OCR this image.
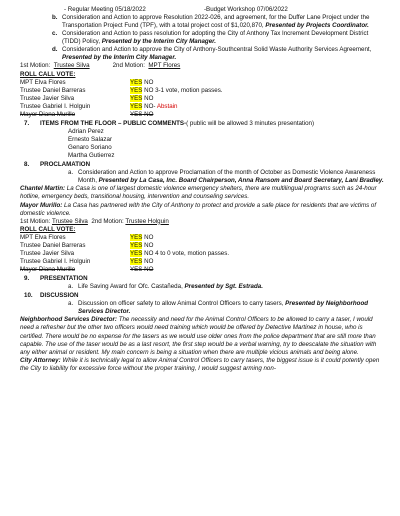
- Regular Meeting 05/18/2022	-Budget Workshop 07/06/2022
b. Consideration and Action to approve Resolution 2022-026, and agreement, for the Duffer Lane Project under the Transportation Project Fund (TPF), with a total project cost of $1,020,870, Presented by Projects Coordinator.
c. Consideration and Action to pass resolution for adopting the City of Anthony Tax Increment Development District (TIDD) Policy, Presented by the Interim City Manager.
d. Consideration and Action to approve the City of Anthony-Southcentral Solid Waste Authority Services Agreement, Presented by the Interim City Manager.
1st Motion:
Trustee Silva
	2nd Motion:
MPT Flores
ROLL CALL VOTE:
MPT Elva Flores	YES NO
Trustee Daniel Barreras	YES NO 3-1 vote, motion passes.
Trustee Javier Silva	YES NO
Trustee Gabriel I. Holguin	YES NO- Abstain
Mayor Diana Murillo	YES NO
7.	ITEMS FROM THE FLOOR – PUBLIC COMMENTS-( public will be allowed 3 minutes presentation)
Adrian Perez
Ernesto Salazar
Genaro Soriano
Martha Gutierrez
8.	PROCLAMATION
a. Consideration and Action to approve Proclamation of the month of October as Domestic Violence Awareness Month, Presented by La Casa, Inc. Board Chairperson, Anna Ransom and Board Secretary, Lani Bradley.
Chantel Martin: La Casa is one of largest domestic violence emergency shelters, there are multilingual programs such as 24-hour hotline, emergency beds, transitional housing, intervention and counseling services.
Mayor Murillo: La Casa has partnered with the City of Anthony to protect and provide a safe place for residents that are victims of domestic violence.
1st Motion:
Trustee Silva
2nd Motion:
Trustee Holguin
ROLL CALL VOTE:
MPT Elva Flores	YES NO
Trustee Daniel Barreras	YES NO
Trustee Javier Silva	YES NO 4 to 0 vote, motion passes.
Trustee Gabriel I. Holguin	YES NO
Mayor Diana Murillo	YES NO
9.	PRESENTATION
a. Life Saving Award for Ofc. Castañeda, Presented by Sgt. Estrada.
10.	DISCUSSION
a. Discussion on officer safety to allow Animal Control Officers to carry tasers, Presented by Neighborhood Services Director.
Neighborhood Services Director: The necessity and need for the Animal Control Officers to be allowed to carry a taser, I would need a refresher but the other two officers would need training which would be offered by Detective Martinez in house, who is certified. There would be no expense for the tasers as we would use older ones from the police department that are still more than capable. The use of the taser would be as a last resort, the first step would be a verbal warning, try to deescalate the situation with any either animal or resident. My main concern is being a situation when there are multiple vicious animals and being alone.
City Attorney: While it is technically legal to allow Animal Control Officers to carry tasers, the biggest issue is it could potently open the City to liability for excessive force without the proper training, I would suggest arming non-
